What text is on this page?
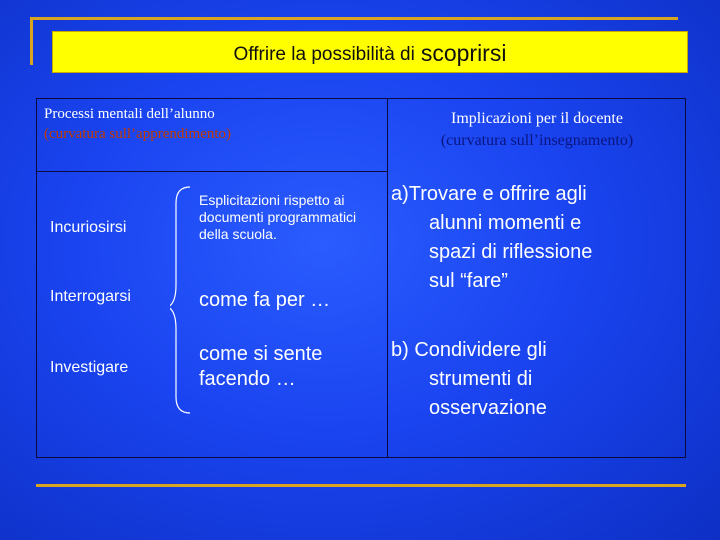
Offrire la possibilità di scoprirsi
Processi mentali dell’alunno
(curvatura sull’apprendimento)
Implicazioni per il docente
(curvatura sull’insegnamento)
Incuriosirsi
Interrogarsi
Investigare
Esplicitazioni rispetto ai documenti programmatici della scuola.
come fa per …
come si sente facendo …
a)Trovare e offrire agli
alunni momenti e
spazi di riflessione
sul “fare”
b) Condividere gli
strumenti di
osservazione
